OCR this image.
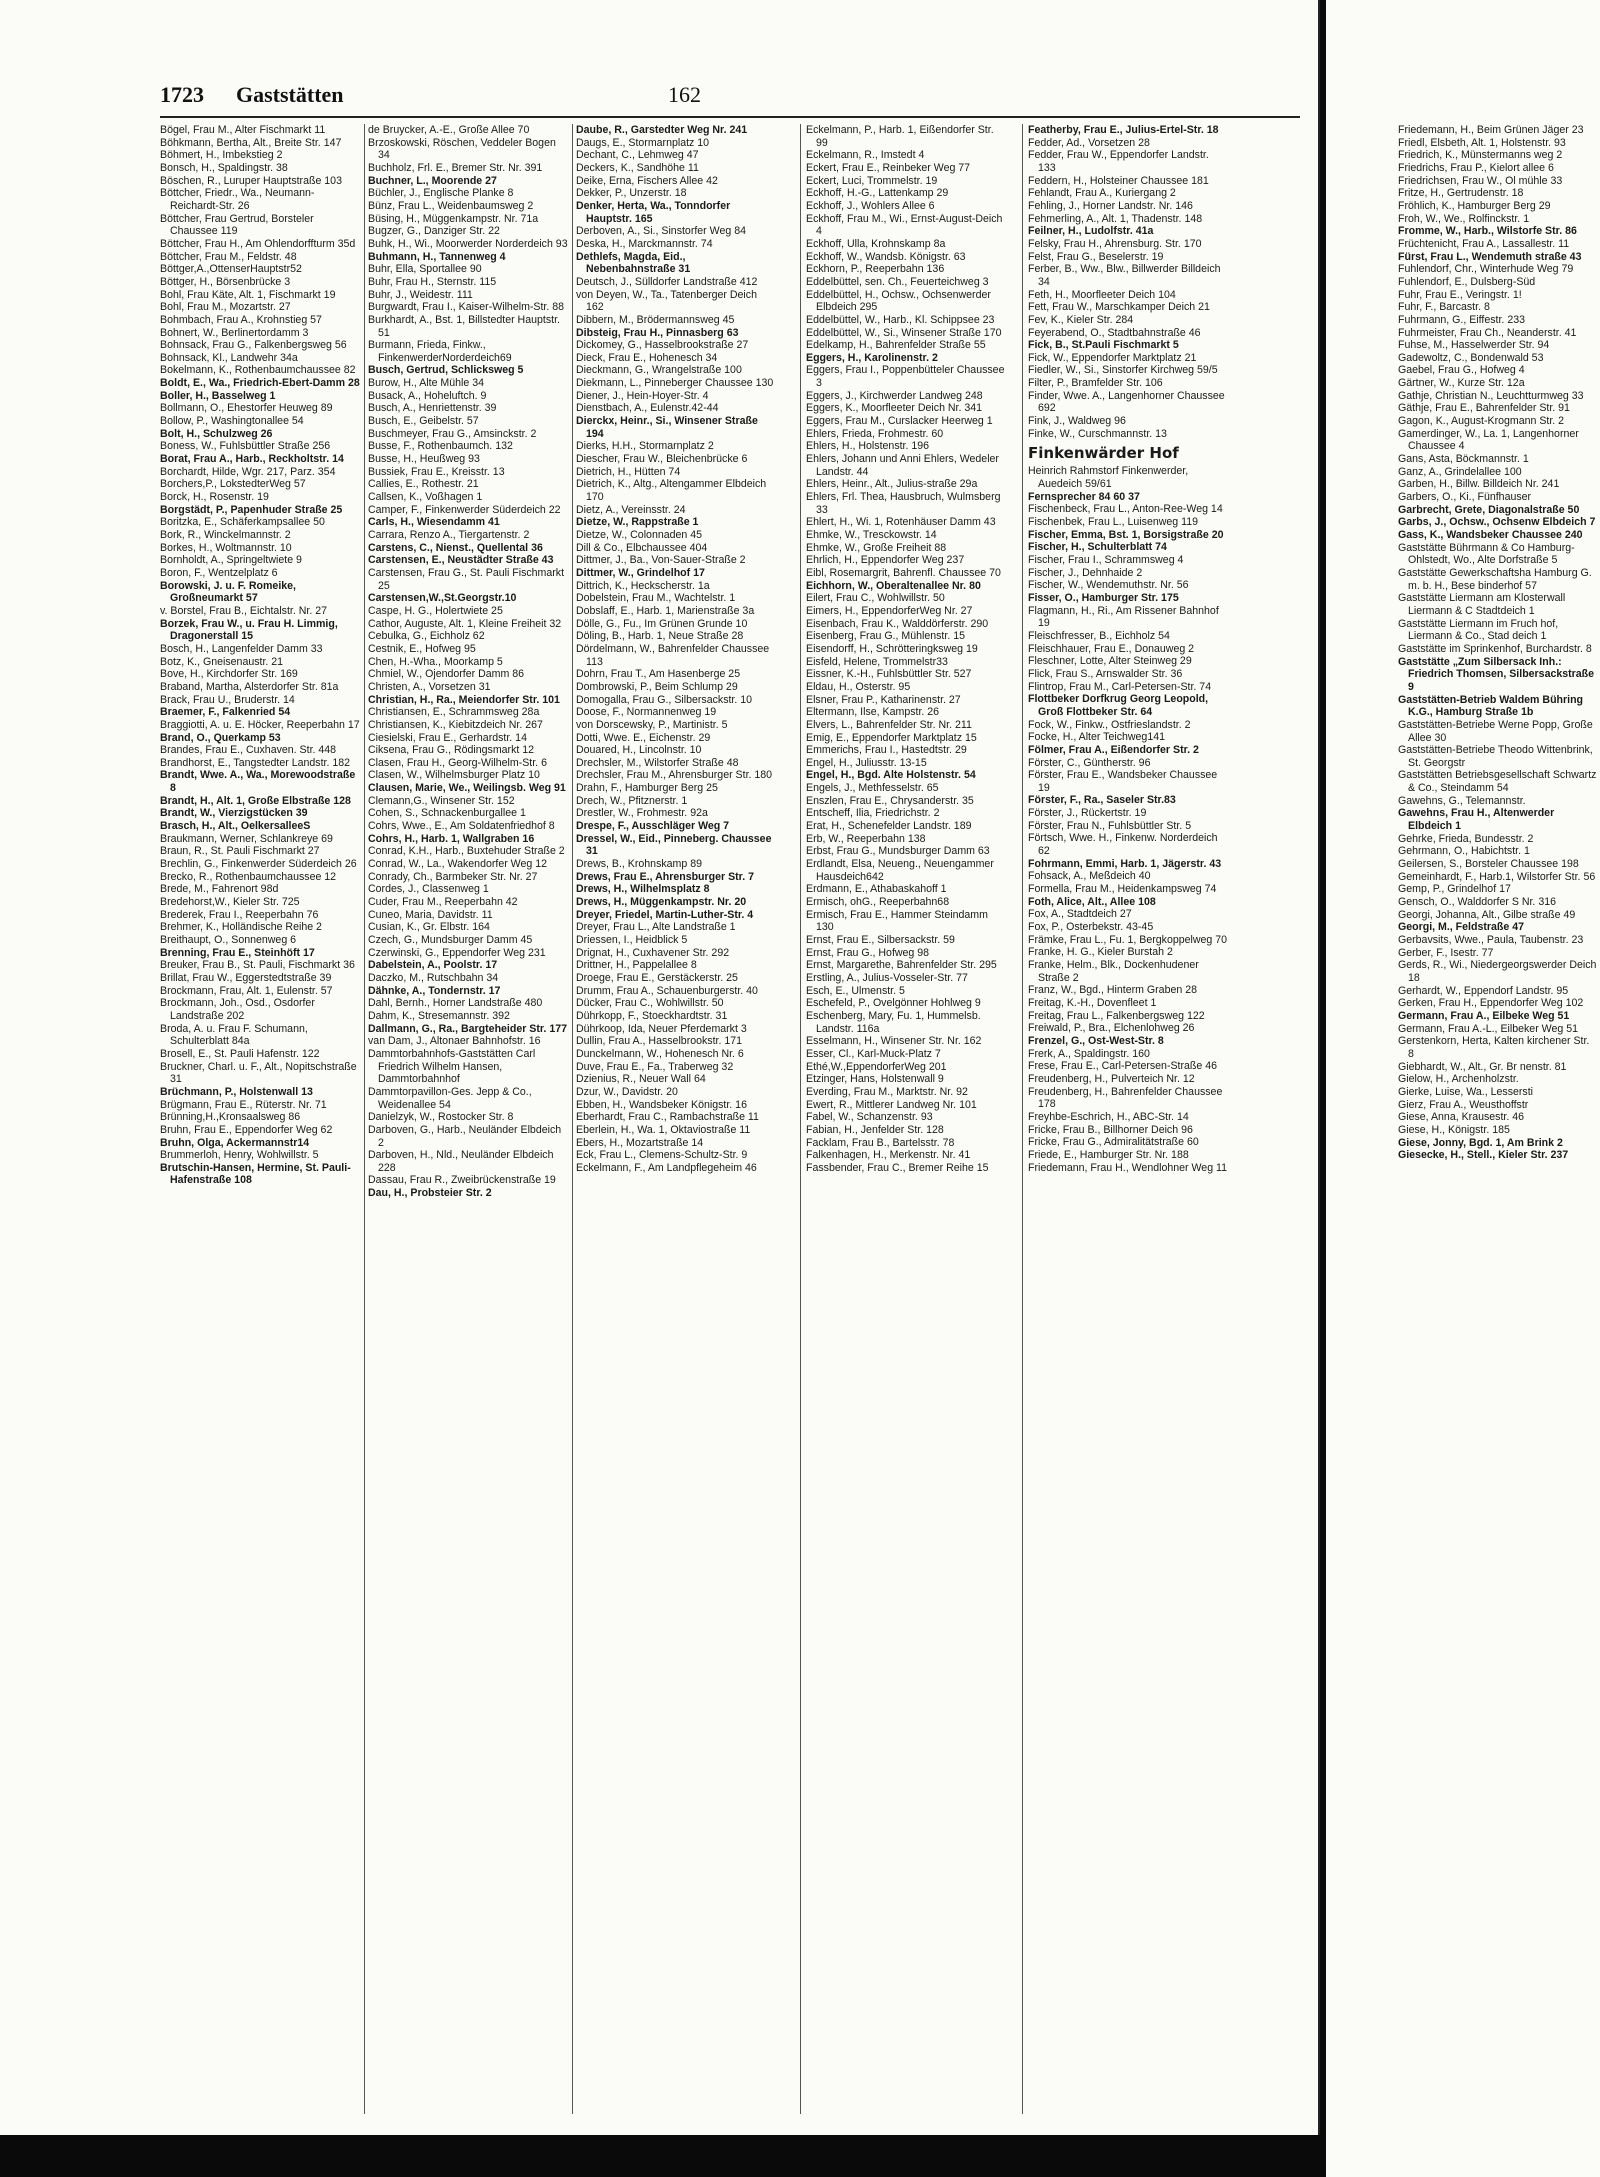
1723 Gaststätten	162
Bögel, Frau M., Alter Fischmarkt 11
Böhkmann, Bertha, Alt., Breite Str. 147
Böhmert, H., Imbekstieg 2
Bonsch, H., Spaldingstr. 38
Böschen, R., Luruper Hauptstraße 103
Böttcher, Friedr., Wa., Neumann-Reichardt-Str. 26
Böttcher, Frau Gertrud, Borsteler Chaussee 119
Böttcher, Frau H., Am Ohlendorffturm 35d
Böttcher, Frau M., Feldstr. 48
Böttger,A.,OttenserHauptstr52
Böttger, H., Börsenbrücke 3
Bohl, Frau Käte, Alt. 1, Fischmarkt 19
Bohl, Frau M., Mozartstr. 27
Bohmbach, Frau A., Krohnstieg 57
Bohnert, W., Berlinertordamm 3
Bohnsack, Frau G., Falkenbergsweg 56
Bohnsack, Kl., Landwehr 34a
Bokelmann, K., Rothenbaumchaussee 82
Boldt, E., Wa., Friedrich-Ebert-Damm 28
Boller, H., Basselweg 1
Bollmann, O., Ehestorfer Heuweg 89
Bollow, P., Washingtonallee 54
Bolt, H., Schulzweg 26
Boness, W., Fuhlsbüttler Straße 256
Borat, Frau A., Harb., Reckholtstr. 14
Borchardt, Hilde, Wgr. 217, Parz. 354
Borchers,P., LokstedterWeg 57
Borck, H., Rosenstr. 19
Borgstädt, P., Papenhuder Straße 25
Boritzka, E., Schäferkampsallee 50
Bork, R., Winckelmannstr. 2
Borkes, H., Woltmannstr. 10
Bornholdt, A., Springeltwiete 9
Boron, F., Wentzelplatz 6
Borowski, J. u. F. Romeike, Großneumarkt 57
v. Borstel, Frau B., Eichtalstr. Nr. 27
Borzek, Frau W., u. Frau H. Limmig, Dragonerstall 15
Bosch, H., Langenfelder Damm 33
Botz, K., Gneisenaustr. 21
Bove, H., Kirchdorfer Str. 169
Braband, Martha, Alsterdorfer Str. 81a
Brack, Frau U., Bruderstr. 14
Braemer, F., Falkenried 54
Braggiotti, A. u. E. Höcker, Reeperbahn 17
Brand, O., Querkamp 53
Brandes, Frau E., Cuxhaven. Str. 448
Brandhorst, E., Tangstedter Landstr. 182
Brandt, Wwe. A., Wa., Morewoodstraße 8
Brandt, H., Alt. 1, Große Elbstraße 128
Brandt, W., Vierzigstücken 39
Brasch, H., Alt., OelkersalleeS
Braukmann, Werner, Schlankreye 69
Braun, R., St. Pauli Fischmarkt 27
Brechlin, G., Finkenwerder Süderdeich 26
Brecko, R., Rothenbaumchaussee 12
Brede, M., Fahrenort 98d
Bredehorst,W., Kieler Str. 725
Brederek, Frau I., Reeperbahn 76
Brehmer, K., Holländische Reihe 2
Breithaupt, O., Sonnenweg 6
Brenning, Frau E., Steinhöft 17
Breuker, Frau B., St. Pauli, Fischmarkt 36
Brillat, Frau W., Eggerstedtstraße 39
Brockmann, Frau, Alt. 1, Eulenstr. 57
Brockmann, Joh., Osd., Osdorfer Landstraße 202
Broda, A. u. Frau F. Schumann, Schulterblatt 84a
Brosell, E., St. Pauli Hafenstr. 122
Bruckner, Charl. u. F., Alt., Nopitschstraße 31
Brüchmann, P., Holstenwall 13
Brügmann, Frau E., Rüterstr. Nr. 71
Brünning,H.,Kronsaalsweg 86
Bruhn, Frau E., Eppendorfer Weg 62
Bruhn, Olga, Ackermannstr14
Brummerloh, Henry, Wohlwillstr. 5
Brutschin-Hansen, Hermine, St. Pauli-Hafenstraße 108
de Bruycker, A.-E., Große Allee 70
Brzoskowski, Röschen, Veddeler Bogen 34
Buchholz, Frl. E., Bremer Str. Nr. 391
Buchner, L., Moorende 27
Büchler, J., Englische Planke 8
Bünz, Frau L., Weidenbaumsweg 2
Büsing, H., Müggenkampstr. Nr. 71a
Bugzer, G., Danziger Str. 22
Buhk, H., Wi., Moorwerder Norderdeich 93
Buhmann, H., Tannenweg 4
Buhr, Ella, Sportallee 90
Buhr, Frau H., Sternstr. 115
Buhr, J., Weidestr. 111
Burgwardt, Frau I., Kaiser-Wilhelm-Str. 88
Burkhardt, A., Bst. 1, Billstedter Hauptstr. 51
Burmann, Frieda, Finkw., FinkenwerderNorderdeich69
Busch, Gertrud, Schlicksweg 5
Burow, H., Alte Mühle 34
Busack, A., Hoheluftch. 9
Busch, A., Henriettenstr. 39
Busch, E., Geibelstr. 57
Buschmeyer, Frau G., Amsinckstr. 2
Busse, F., Rothenbaumch. 132
Busse, H., Heußweg 93
Bussiek, Frau E., Kreisstr. 13
Callies, E., Rothestr. 21
Callsen, K., Voßhagen 1
Camper, F., Finkenwerder Süderdeich 22
Carls, H., Wiesendamm 41
Carrara, Renzo A., Tiergartenstr. 2
Carstens, C., Nienst., Quellental 36
Carstensen, E., Neustädter Straße 43
Carstensen, Frau G., St. Pauli Fischmarkt 25
Carstensen,W.,St.Georgstr.10
Caspe, H. G., Holertwiete 25
Cathor, Auguste, Alt. 1, Kleine Freiheit 32
Cebulka, G., Eichholz 62
Cestnik, E., Hofweg 95
Chen, H.-Wha., Moorkamp 5
Chmiel, W., Ojendorfer Damm 86
Christen, A., Vorsetzen 31
Christian, H., Ra., Meiendorfer Str. 101
Christiansen, E., Schrammsweg 28a
Christiansen, K., Kiebitzdeich Nr. 267
Ciesielski, Frau E., Gerhardstr. 14
Ciksena, Frau G., Rödingsmarkt 12
Clasen, Frau H., Georg-Wilhelm-Str. 6
Clasen, W., Wilhelmsburger Platz 10
Clausen, Marie, We., Weilingsb. Weg 91
Clemann,G., Winsener Str. 152
Cohen, S., Schnackenburgallee 1
Cohrs, Wwe., E., Am Soldatenfriedhof 8
Cohrs, H., Harb. 1, Wallgraben 16
Conrad, K.H., Harb., Buxtehuder Straße 2
Conrad, W., La., Wakendorfer Weg 12
Conrady, Ch., Barmbeker Str. Nr. 27
Cordes, J., Classenweg 1
Cuder, Frau M., Reeperbahn 42
Cuneo, Maria, Davidstr. 11
Cusian, K., Gr. Elbstr. 164
Czech, G., Mundsburger Damm 45
Czerwinski, G., Eppendorfer Weg 231
Dabelstein, A., Poolstr. 17
Daczko, M., Rutschbahn 34
Dähnke, A., Tondernstr. 17
Dahl, Bernh., Horner Landstraße 480
Dahm, K., Stresemannstr. 392
Dallmann, G., Ra., Bargteheider Str. 177
van Dam, J., Altonaer Bahnhofstr. 16
Dammtorbahnhofs-Gaststätten Carl Friedrich Wilhelm Hansen, Dammtorbahnhof
Dammtorpavillon-Ges. Jepp & Co., Weidenallee 54
Danielzyk, W., Rostocker Str. 8
Darboven, G., Harb., Neuländer Elbdeich 2
Darboven, H., Nld., Neuländer Elbdeich 228
Dassau, Frau R., Zweibrückenstraße 19
Dau, H., Probsteier Str. 2
Daube, R., Garstedter Weg Nr. 241
Daugs, E., Stormarnplatz 10
Dechant, C., Lehmweg 47
Deckers, K., Sandhöhe 11
Deike, Erna, Fischers Allee 42
Dekker, P., Unzerstr. 18
Denker, Herta, Wa., Tonndorfer Hauptstr. 165
Derboven, A., Si., Sinstorfer Weg 84
Deska, H., Marckmannstr. 74
Dethlefs, Magda, Eid., Nebenbahnstraße 31
Deutsch, J., Sülldorfer Landstraße 412
von Deyen, W., Ta., Tatenberger Deich 162
Dibbern, M., Brödermannsweg 45
Dibsteig, Frau H., Pinnasberg 63
Dickomey, G., Hasselbrookstraße 27
Dieck, Frau E., Hohenesch 34
Dieckmann, G., Wrangelstraße 100
Diekmann, L., Pinneberger Chaussee 130
Diener, J., Hein-Hoyer-Str. 4
Dienstbach, A., Eulenstr.42-44
Dierckx, Heinr., Si., Winsener Straße 194
Dierks, H.H., Stormarnplatz 2
Diescher, Frau W., Bleichenbrücke 6
Dietrich, H., Hütten 74
Dietrich, K., Altg., Altengammer Elbdeich 170
Dietz, A., Vereinsstr. 24
Dietze, W., Rappstraße 1
Dietze, W., Colonnaden 45
Dill & Co., Elbchaussee 404
Dittmer, J., Ba., Von-Sauer-Straße 2
Dittmer, W., Grindelhof 17
Dittrich, K., Heckscherstr. 1a
Dobelstein, Frau M., Wachtelstr. 1
Dobslaff, E., Harb. 1, Marienstraße 3a
Dölle, G., Fu., Im Grünen Grunde 10
Döling, B., Harb. 1, Neue Straße 28
Dördelmann, W., Bahrenfelder Chaussee 113
Dohrn, Frau T., Am Hasenberge 25
Dombrowski, P., Beim Schlump 29
Domogalla, Frau G., Silbersackstr. 10
Doose, F., Normannenweg 19
von Dorscewsky, P., Martinistr. 5
Dotti, Wwe. E., Eichenstr. 29
Douared, H., Lincolnstr. 10
Drechsler, M., Wilstorfer Straße 48
Drechsler, Frau M., Ahrensburger Str. 180
Drahn, F., Hamburger Berg 25
Drech, W., Pfitznerstr. 1
Drestler, W., Frohmestr. 92a
Drespe, F., Ausschläger Weg 7
Dressel, W., Eid., Pinneberg. Chaussee 31
Drews, B., Krohnskamp 89
Drews, Frau E., Ahrensburger Str. 7
Drews, H., Wilhelmsplatz 8
Drews, H., Müggenkampstr. Nr. 20
Dreyer, Friedel, Martin-Luther-Str. 4
Dreyer, Frau L., Alte Landstraße 1
Driessen, I., Heidblick 5
Drignat, H., Cuxhavener Str. 292
Drittner, H., Pappelallee 8
Droege, Frau E., Gerstäckerstr. 25
Drumm, Frau A., Schauenburgerstr. 40
Dücker, Frau C., Wohlwillstr. 50
Dührkopp, F., Stoeckhardtstr. 31
Dührkoop, Ida, Neuer Pferdemarkt 3
Dullin, Frau A., Hasselbrookstr. 171
Dunckelmann, W., Hohenesch Nr. 6
Duve, Frau E., Fa., Traberweg 32
Dzienius, R., Neuer Wall 64
Dzur, W., Davidstr. 20
Ebben, H., Wandsbeker Königstr. 16
Eberhardt, Frau C., Rambachstraße 11
Eberlein, H., Wa. 1, Oktaviostraße 11
Ebers, H., Mozartstraße 14
Eck, Frau L., Clemens-Schultz-Str. 9
Eckelmann, F., Am Landpflegeheim 46
Eckelmann, P., Harb. 1, Eißendorfer Str. 99
Eckelmann, R., Imstedt 4
Eckert, Frau E., Reinbeker Weg 77
Eckert, Luci, Trommelstr. 19
Eckhoff, H.-G., Lattenkamp 29
Eckhoff, J., Wohlers Allee 6
Eckhoff, Frau M., Wi., Ernst-August-Deich 4
Eckhoff, Ulla, Krohnskamp 8a
Eckhoff, W., Wandsb. Königstr. 63
Eckhorn, P., Reeperbahn 136
Eddelbüttel, sen. Ch., Feuerteichweg 3
Eddelbüttel, H., Ochsw., Ochsenwerder Elbdeich 295
Eddelbüttel, W., Harb., Kl. Schippsee 23
Eddelbüttel, W., Si., Winsener Straße 170
Edelkamp, H., Bahrenfelder Straße 55
Eggers, H., Karolinenstr. 2
Eggers, Frau I., Poppenbütteler Chaussee 3
Eggers, J., Kirchwerder Landweg 248
Eggers, K., Moorfleeter Deich Nr. 341
Eggers, Frau M., Curslacker Heerweg 1
Ehlers, Frieda, Frohmestr. 60
Ehlers, H., Holstenstr. 196
Ehlers, Johann und Anni Ehlers, Wedeler Landstr. 44
Ehlers, Heinr., Alt., Julius-straße 29a
Ehlers, Frl. Thea, Hausbruch, Wulmsberg 33
Ehlert, H., Wi. 1, Rotenhäuser Damm 43
Ehmke, W., Tresckowstr. 14
Ehmke, W., Große Freiheit 88
Ehrlich, H., Eppendorfer Weg 237
Eibl, Rosemargrit, Bahrenfl. Chaussee 70
Eichhorn, W., Oberaltenallee Nr. 80
Eilert, Frau C., Wohlwillstr. 50
Eimers, H., EppendorferWeg Nr. 27
Eisenbach, Frau K., Walddörferstr. 290
Eisenberg, Frau G., Mühlenstr. 15
Eisendorff, H., Schrötteringksweg 19
Eisfeld, Helene, Trommelstr33
Eissner, K.-H., Fuhlsbüttler Str. 527
Eldau, H., Osterstr. 95
Elsner, Frau P., Katharinenstr. 27
Eltermann, Ilse, Kampstr. 26
Elvers, L., Bahrenfelder Str. Nr. 211
Emig, E., Eppendorfer Marktplatz 15
Emmerichs, Frau I., Hastedtstr. 29
Engel, H., Juliusstr. 13-15
Engel, H., Bgd. Alte Holstenstr. 54
Engels, J., Methfesselstr. 65
Enszlen, Frau E., Chrysanderstr. 35
Entscheff, Ilia, Friedrichstr. 2
Erat, H., Schenefelder Landstr. 189
Erb, W., Reeperbahn 138
Erbst, Frau G., Mundsburger Damm 63
Erdlandt, Elsa, Neueng., Neuengammer Hausdeich642
Erdmann, E., Athabaskahoff 1
Ermisch, ohG., Reeperbahn68
Ermisch, Frau E., Hammer Steindamm 130
Ernst, Frau E., Silbersackstr. 59
Ernst, Frau G., Hofweg 98
Ernst, Margarethe, Bahrenfelder Str. 295
Erstling, A., Julius-Vosseler-Str. 77
Esch, E., Ulmenstr. 5
Eschefeld, P., Ovelgönner Hohlweg 9
Eschenberg, Mary, Fu. 1, Hummelsb. Landstr. 116a
Esselmann, H., Winsener Str. Nr. 162
Esser, Cl., Karl-Muck-Platz 7
Ethé,W.,EppendorferWeg 201
Etzinger, Hans, Holstenwall 9
Everding, Frau M., Marktstr. Nr. 92
Ewert, R., Mittlerer Landweg Nr. 101
Fabel, W., Schanzenstr. 93
Fabian, H., Jenfelder Str. 128
Facklam, Frau B., Bartelsstr. 78
Falkenhagen, H., Merkenstr. Nr. 41
Fassbender, Frau C., Bremer Reihe 15
Featherby, Frau E., Julius-Ertel-Str. 18
Fedder, Ad., Vorsetzen 28
Fedder, Frau W., Eppendorfer Landstr. 133
Feddern, H., Holsteiner Chaussee 181
Fehlandt, Frau A., Kuriergang 2
Fehling, J., Horner Landstr. Nr. 146
Fehmerling, A., Alt. 1, Thadenstr. 148
Feilner, H., Ludolfstr. 41a
Felsky, Frau H., Ahrensburg. Str. 170
Felst, Frau G., Beselerstr. 19
Ferber, B., Ww., Blw., Billwerder Billdeich 34
Feth, H., Moorfleeter Deich 104
Fett, Frau W., Marschkamper Deich 21
Fev, K., Kieler Str. 284
Feyerabend, O., Stadtbahnstraße 46
Fick, B., St.Pauli Fischmarkt 5
Fick, W., Eppendorfer Marktplatz 21
Fiedler, W., Si., Sinstorfer Kirchweg 59/5
Filter, P., Bramfelder Str. 106
Finder, Wwe. A., Langenhorner Chaussee 692
Fink, J., Waldweg 96
Finke, W., Curschmannstr. 13
Finkenwärder Hof
Heinrich Rahmstorf Finkenwerder, Auedeich 59/61
Fernsprecher 84 60 37
Fischenbeck, Frau L., Anton-Ree-Weg 14
Fischenbek, Frau L., Luisenweg 119
Fischer, Emma, Bst. 1, Borsigstraße 20
Fischer, H., Schulterblatt 74
Fischer, Frau I., Schrammsweg 4
Fischer, J., Dehnhaide 2
Fischer, W., Wendemuthstr. Nr. 56
Fisser, O., Hamburger Str. 175
Flagmann, H., Ri., Am Rissener Bahnhof 19
Fleischfresser, B., Eichholz 54
Fleischhauer, Frau E., Donauweg 2
Fleschner, Lotte, Alter Steinweg 29
Flick, Frau S., Arnswalder Str. 36
Flintrop, Frau M., Carl-Petersen-Str. 74
Flottbeker Dorfkrug Georg Leopold, Groß Flottbeker Str. 64
Fock, W., Finkw., Ostfrieslandstr. 2
Focke, H., Alter Teichweg141
Fölmer, Frau A., Eißendorfer Str. 2
Förster, C., Güntherstr. 96
Förster, Frau E., Wandsbeker Chaussee 19
Förster, F., Ra., Saseler Str.83
Förster, J., Rückertstr. 19
Förster, Frau N., Fuhlsbüttler Str. 5
Förtsch, Wwe. H., Finkenw. Norderdeich 62
Fohrmann, Emmi, Harb. 1, Jägerstr. 43
Fohsack, A., Meßdeich 40
Formella, Frau M., Heidenkampsweg 74
Foth, Alice, Alt., Allee 108
Fox, A., Stadtdeich 27
Fox, P., Osterbekstr. 43-45
Främke, Frau L., Fu. 1, Bergkoppelweg 70
Franke, H. G., Kieler Burstah 2
Franke, Helm., Blk., Dockenhudener Straße 2
Franz, W., Bgd., Hinterm Graben 28
Freitag, K.-H., Dovenfleet 1
Freitag, Frau L., Falkenbergsweg 122
Freiwald, P., Bra., Elchenlohweg 26
Frenzel, G., Ost-West-Str. 8
Frerk, A., Spaldingstr. 160
Frese, Frau E., Carl-Petersen-Straße 46
Freudenberg, H., Pulverteich Nr. 12
Freudenberg, H., Bahrenfelder Chaussee 178
Freyhbe-Eschrich, H., ABC-Str. 14
Fricke, Frau B., Billhorner Deich 96
Fricke, Frau G., Admiralitätstraße 60
Friede, E., Hamburger Str. Nr. 188
Friedemann, Frau H., Wendlohner Weg 11
Friedemann, H., Beim Grünen Jäger 23
Friedl, Elsbeth, Alt. 1, Holstenstr. 93
Friedrich, K., Münstermanns weg 2
Friedrichs, Frau P., Kielort allee 6
Friedrichsen, Frau W., Ol mühle 33
Fritze, H., Gertrudenstr. 18
Fröhlich, K., Hamburger Berg 29
Froh, W., We., Rolfinckstr. 1
Fromme, W., Harb., Wilstorfe Str. 86
Früchtenicht, Frau A., Lassallestr. 11
Fürst, Frau L., Wendemuth straße 43
Fuhlendorf, Chr., Winterhude Weg 79
Fuhlendorf, E., Dulsberg-Süd
Fuhr, Frau E., Veringstr. 1!
Fuhr, F., Barcastr. 8
Fuhrmann, G., Eiffestr. 233
Fuhrmeister, Frau Ch., Neanderstr. 41
Fuhse, M., Hasselwerder Str. 94
Gadewoltz, C., Bondenwald 53
Gaebel, Frau G., Hofweg 4
Gärtner, W., Kurze Str. 12a
Gathje, Christian N., Leuchtturmweg 33
Gäthje, Frau E., Bahrenfelder Str. 91
Gagon, K., August-Krogmann Str. 2
Gamerdinger, W., La. 1, Langenhorner Chaussee 4
Gans, Asta, Böckmannstr. 1
Ganz, A., Grindelallee 100
Garben, H., Billw. Billdeich Nr. 241
Garbers, O., Ki., Fünfhauser
Garbrecht, Grete, Diagonalstraße 50
Garbs, J., Ochsw., Ochsenw Elbdeich 7
Gass, K., Wandsbeker Chaussee 240
Gaststätte Bührmann & Co Hamburg-Ohlstedt, Wo., Alte Dorfstraße 5
Gaststätte Gewerkschaftsha Hamburg G. m. b. H., Bese binderhof 57
Gaststätte Liermann am Klosterwall Liermann & C Stadtdeich 1
Gaststätte Liermann im Fruch hof, Liermann & Co., Stad deich 1
Gaststätte im Sprinkenhof, Burchardstr. 8
Gaststätte „Zum Silbersack Inh.: Friedrich Thomsen, Silbersackstraße 9
Gaststätten-Betrieb Waldem Bühring K.G., Hamburg Straße 1b
Gaststätten-Betriebe Werne Popp, Große Allee 30
Gaststätten-Betriebe Theodo Wittenbrink, St. Georgstr
Gaststätten Betriebsgesellschaft Schwartz & Co., Steindamm 54
Gawehns, G., Telemannstr.
Gawehns, Frau H., Altenwerder Elbdeich 1
Gehrke, Frieda, Bundesstr. 2
Gehrmann, O., Habichtstr. 1
Geilersen, S., Borsteler Chaussee 198
Gemeinhardt, F., Harb.1, Wilstorfer Str. 56
Gemp, P., Grindelhof 17
Gensch, O., Walddorfer S Nr. 316
Georgi, Johanna, Alt., Gilbe straße 49
Georgi, M., Feldstraße 47
Gerbavsits, Wwe., Paula, Taubenstr. 23
Gerber, F., Isestr. 77
Gerds, R., Wi., Niedergeorgswerder Deich 18
Gerhardt, W., Eppendorf Landstr. 95
Gerken, Frau H., Eppendorfer Weg 102
Germann, Frau A., Eilbeke Weg 51
Germann, Frau A.-L., Eilbeker Weg 51
Gerstenkorn, Herta, Kalten kirchener Str. 8
Giebhardt, W., Alt., Gr. Br nenstr. 81
Gielow, H., Archenholzstr.
Gierke, Luise, Wa., Lessersti
Gierz, Frau A., Weusthoffstr
Giese, Anna, Krausestr. 46
Giese, H., Königstr. 185
Giese, Jonny, Bgd. 1, Am Brink 2
Giesecke, H., Stell., Kieler Str. 237
